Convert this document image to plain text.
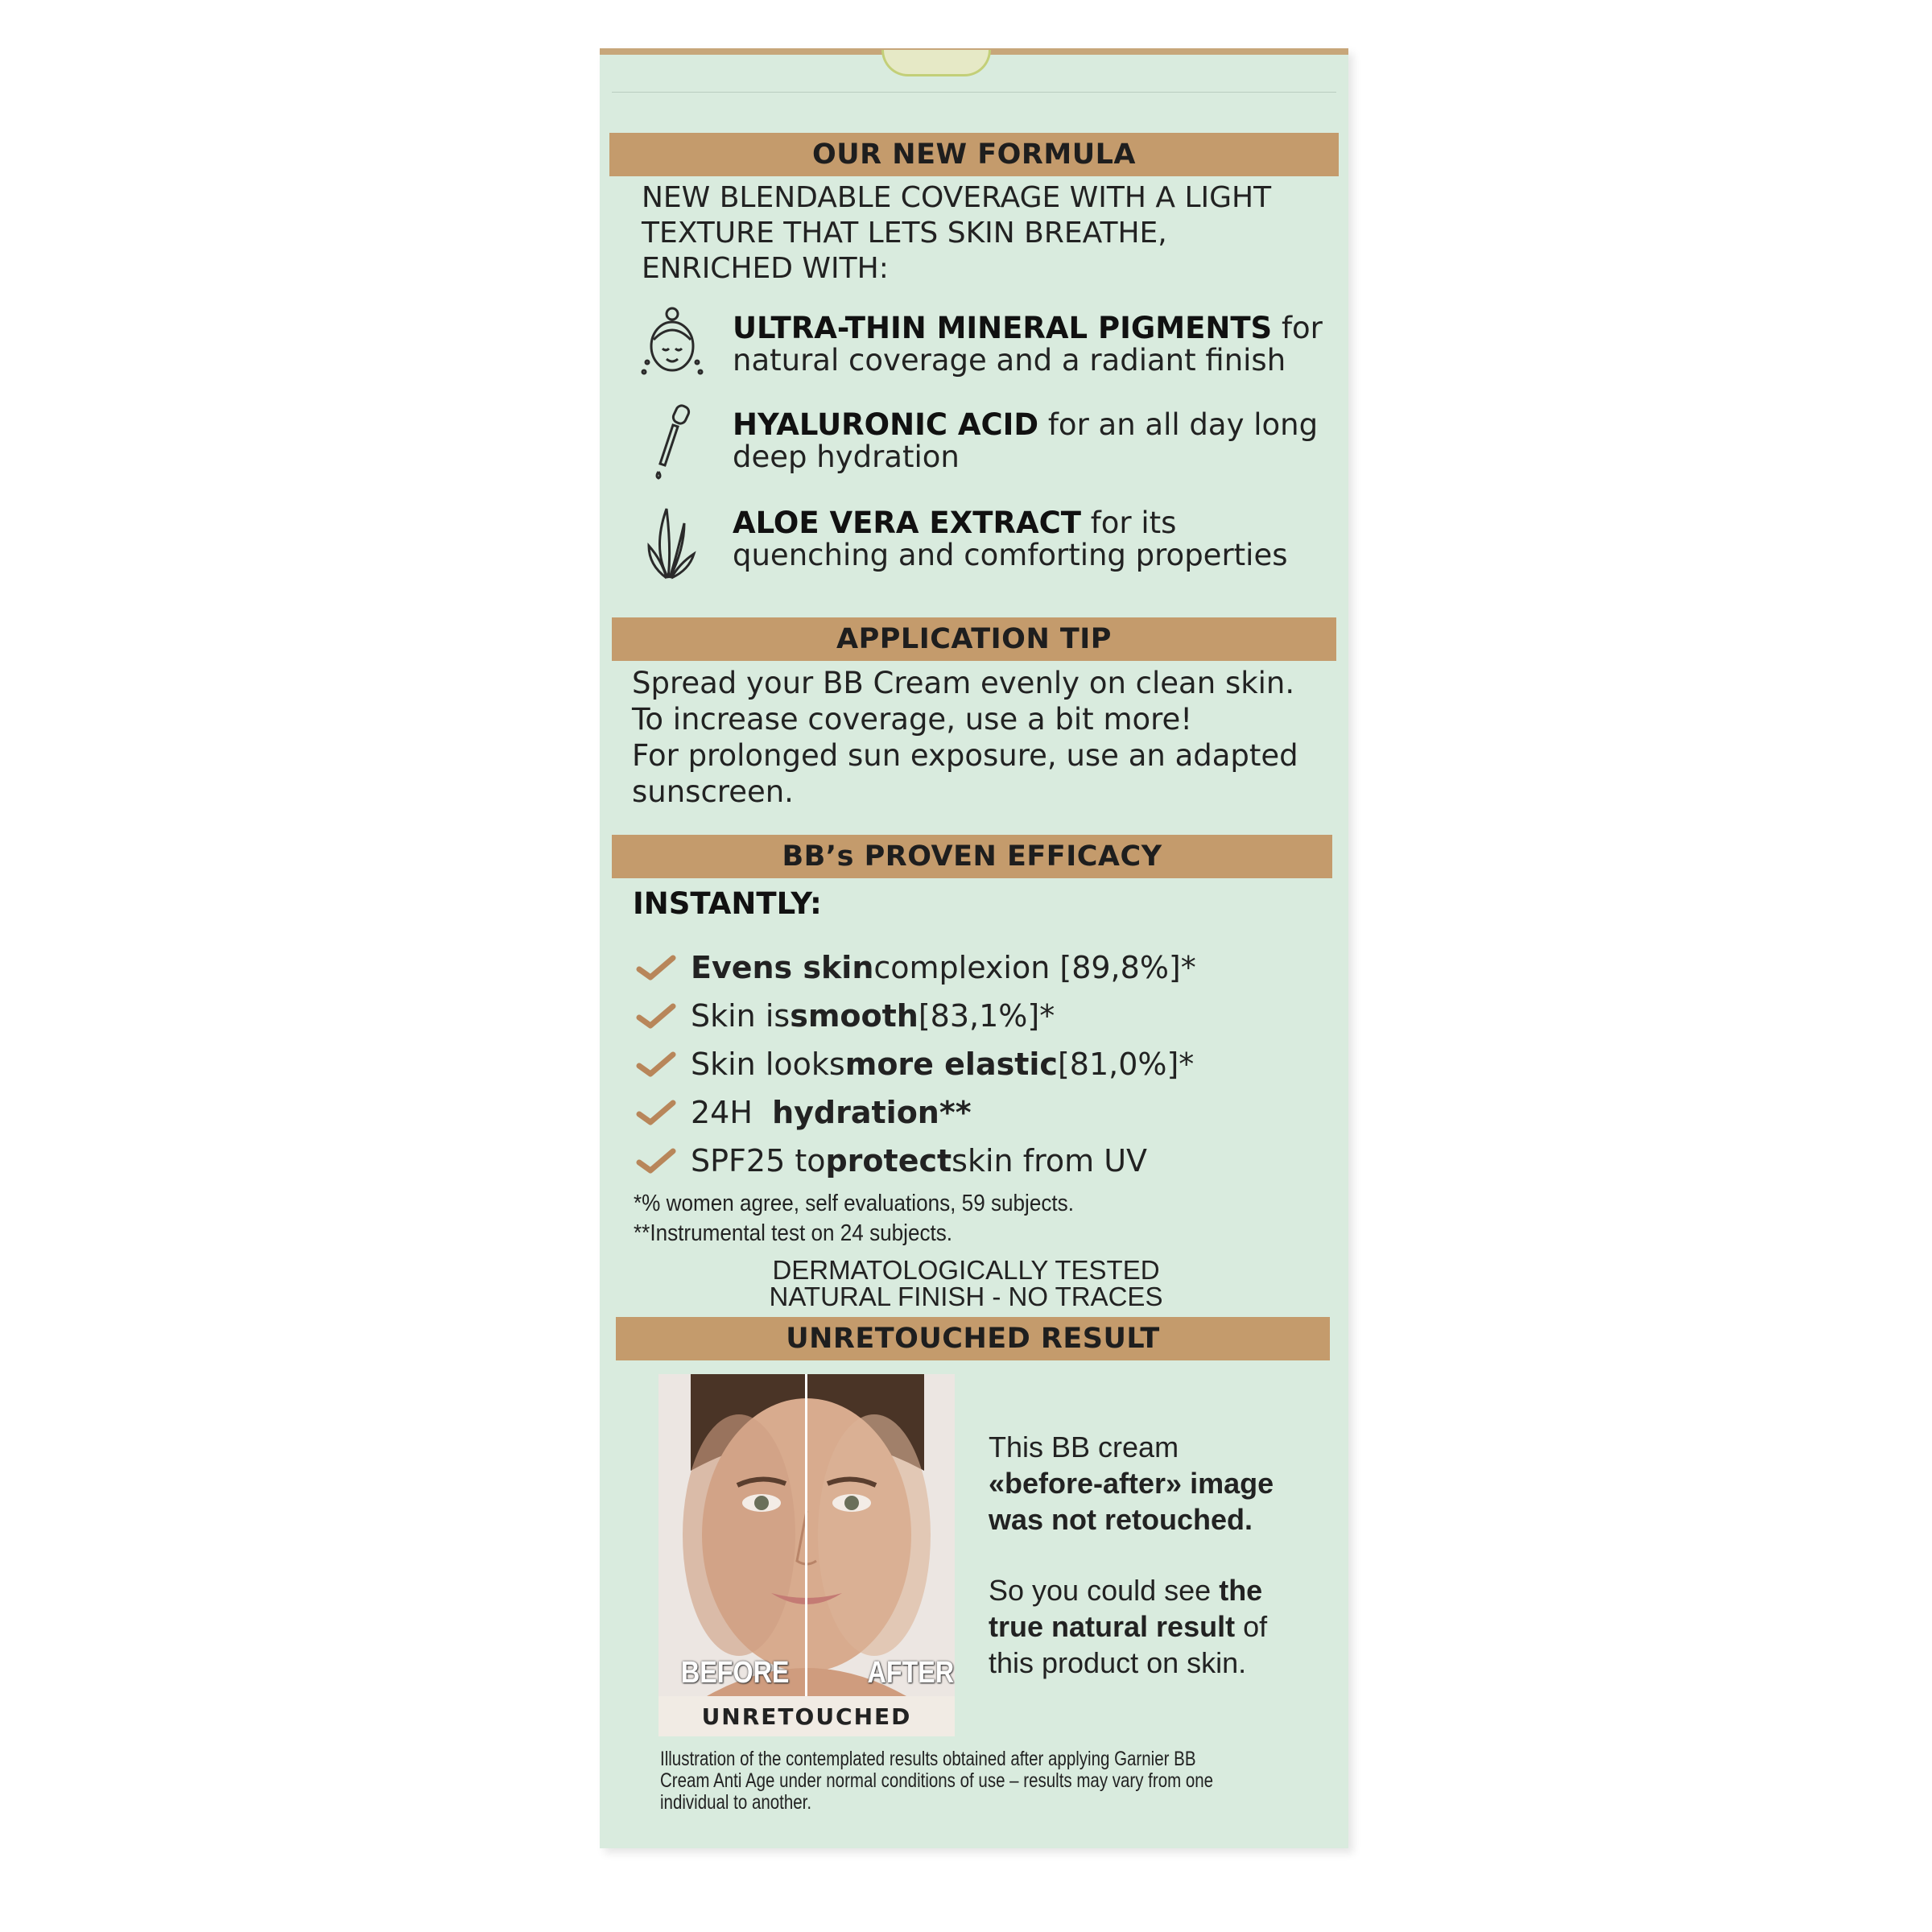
OUR NEW FORMULA
NEW BLENDABLE COVERAGE WITH A LIGHT
TEXTURE THAT LETS SKIN BREATHE,
ENRICHED WITH:
ULTRA-THIN MINERAL PIGMENTS for
natural coverage and a radiant finish
HYALURONIC ACID for an all day long
deep hydration
ALOE VERA EXTRACT for its
quenching and comforting properties
APPLICATION TIP
Spread your BB Cream evenly on clean skin.
To increase coverage, use a bit more!
For prolonged sun exposure, use an adapted
sunscreen.
BB’s PROVEN EFFICACY
INSTANTLY:
Evens skin complexion [89,8%]*
Skin is smooth [83,1%]*
Skin looks more elastic [81,0%]*
24H hydration**
SPF25 to protect skin from UV
*% women agree, self evaluations, 59 subjects.
**Instrumental test on 24 subjects.
DERMATOLOGICALLY TESTED
NATURAL FINISH - NO TRACES
UNRETOUCHED RESULT
BEFORE	AFTER
UNRETOUCHED
This BB cream
«before-after» image
was not retouched.
So you could see the
true natural result of
this product on skin.
Illustration of the contemplated results obtained after applying Garnier BB Cream Anti Age under normal conditions of use – results may vary from one individual to another.
